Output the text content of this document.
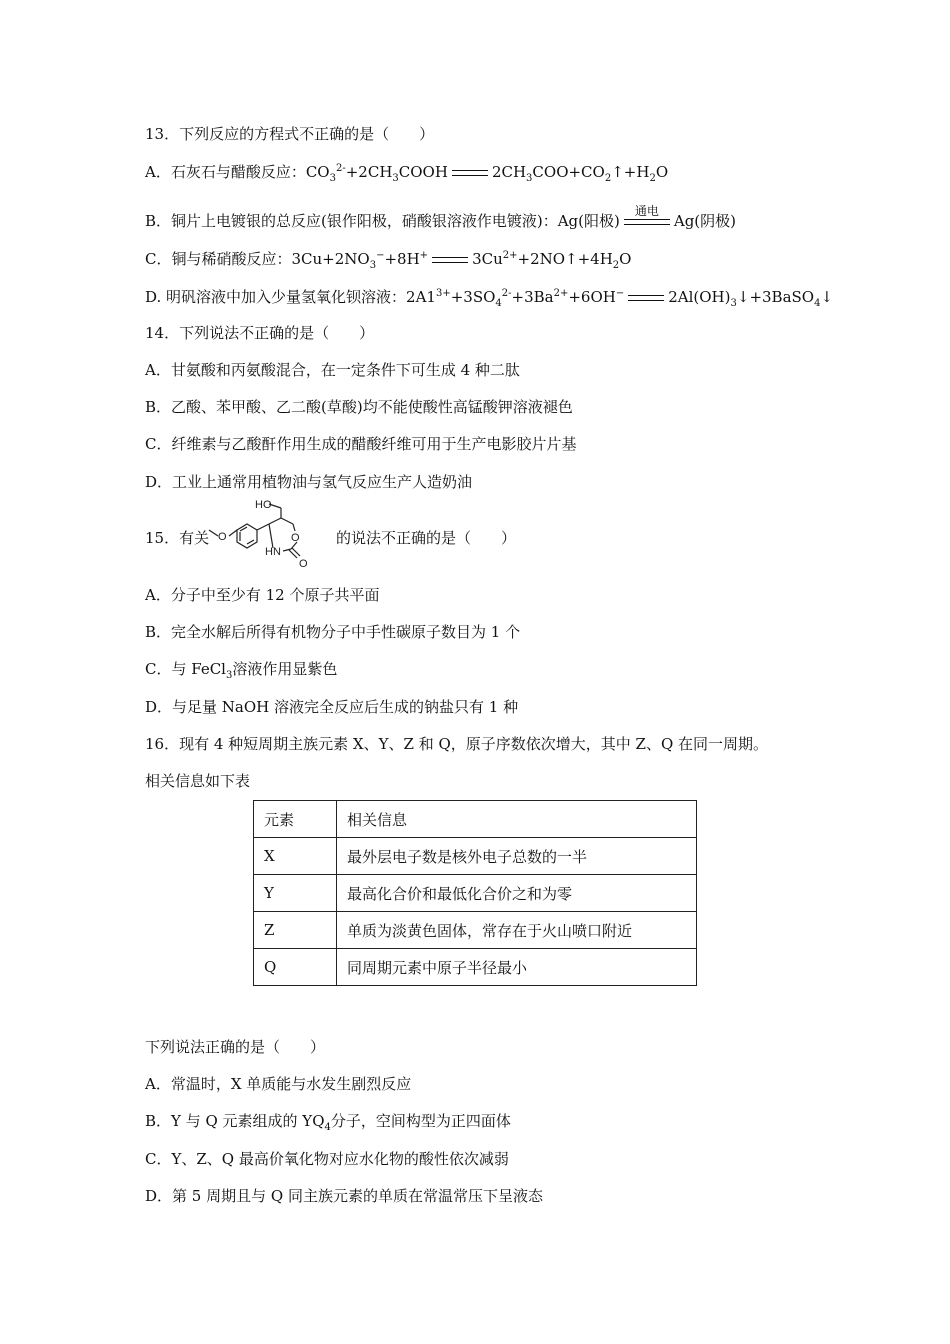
13．下列反应的方程式不正确的是（　　）
A．石灰石与醋酸反应：$CO_3^{2-}+2CH_3COOH$	$2CH_3COO+CO_2↑+H_2O$
B．铜片上电镀银的总反应(银作阳极，硝酸银溶液作电镀液)：Ag(阳极)
通电
Ag(阴极)
C．铜与稀硝酸反应：$3Cu+2NO_3^-+8H^+$	$3Cu^{2+}+2NO↑+4H_2O$
D. 明矾溶液中加入少量氢氧化钡溶液：$2A1^{3+}+3SO_4^{2-}+3Ba^{2+}+6OH^-$	$2Al(OH)_3↓+3BaSO_4↓$
14．下列说法不正确的是（　　）
A．甘氨酸和丙氨酸混合，在一定条件下可生成 4 种二肽
B．乙酸、苯甲酸、乙二酸(草酸)均不能使酸性高锰酸钾溶液褪色
C．纤维素与乙酸酐作用生成的醋酸纤维可用于生产电影胶片片基
D．工业上通常用植物油与氢气反应生产人造奶油
15．有关 O
HO
O
HN
O
的说法不正确的是（　　）
A．分子中至少有 12 个原子共平面
B．完全水解后所得有机物分子中手性碳原子数目为 1 个
C．与 FeCl$_3$溶液作用显紫色
D．与足量 NaOH 溶液完全反应后生成的钠盐只有 1 种
16．现有 4 种短周期主族元素 X、Y、Z 和 Q，原子序数依次增大，其中 Z、Q 在同一周期。
相关信息如下表
元素	相关信息
X	最外层电子数是核外电子总数的一半
Y	最高化合价和最低化合价之和为零
Z	单质为淡黄色固体，常存在于火山喷口附近
Q	同周期元素中原子半径最小
下列说法正确的是（　　）
A．常温时，X 单质能与水发生剧烈反应
B．Y 与 Q 元素组成的 $YQ_4$分子，空间构型为正四面体
C．Y、Z、Q 最高价氧化物对应水化物的酸性依次减弱
D．第 5 周期且与 Q 同主族元素的单质在常温常压下呈液态
